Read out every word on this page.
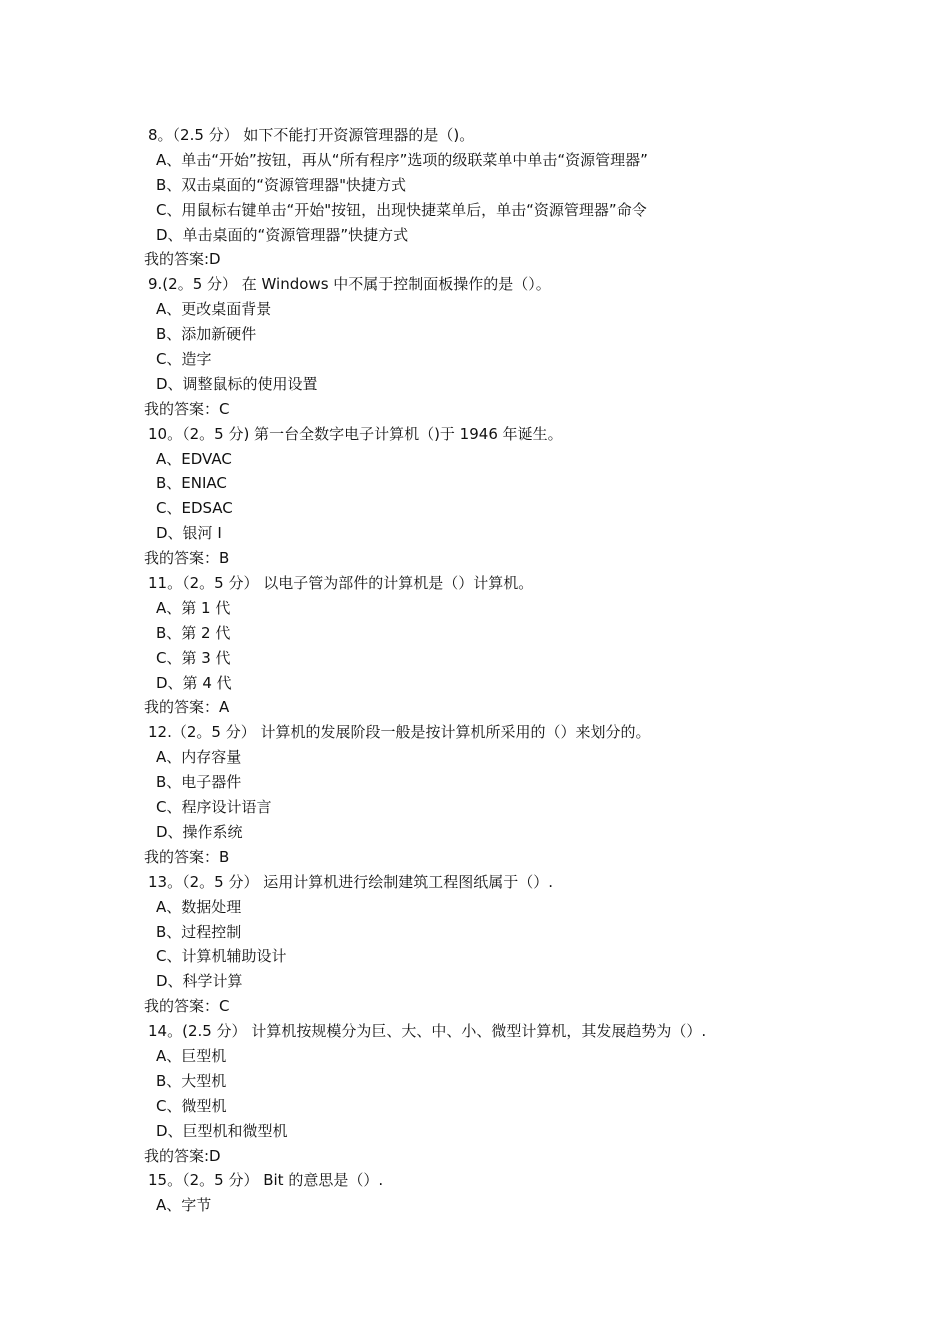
8。（2.5 分） 如下不能打开资源管理器的是（)。
A、单击“开始”按钮，再从“所有程序”选项的级联菜单中单击“资源管理器”
B、双击桌面的“资源管理器"快捷方式
C、用鼠标右键单击“开始"按钮，出现快捷菜单后，单击“资源管理器”命令
D、单击桌面的“资源管理器”快捷方式
我的答案:D
9.(2。5 分） 在 Windows 中不属于控制面板操作的是（）。
A、更改桌面背景
B、添加新硬件
C、造字
D、调整鼠标的使用设置
我的答案：C
10。（2。5 分) 第一台全数字电子计算机（)于 1946 年诞生。
A、EDVAC
B、ENIAC
C、EDSAC
D、银河 I
我的答案：B
11。（2。5 分） 以电子管为部件的计算机是（）计算机。
A、第 1 代
B、第 2 代
C、第 3 代
D、第 4 代
我的答案：A
12.（2。5 分） 计算机的发展阶段一般是按计算机所采用的（）来划分的。
A、内存容量
B、电子器件
C、程序设计语言
D、操作系统
我的答案：B
13。（2。5 分） 运用计算机进行绘制建筑工程图纸属于（）.
A、数据处理
B、过程控制
C、计算机辅助设计
D、科学计算
我的答案：C
14。(2.5 分） 计算机按规模分为巨、大、中、小、微型计算机，其发展趋势为（）.
A、巨型机
B、大型机
C、微型机
D、巨型机和微型机
我的答案:D
15。（2。5 分） Bit 的意思是（）.
A、字节
